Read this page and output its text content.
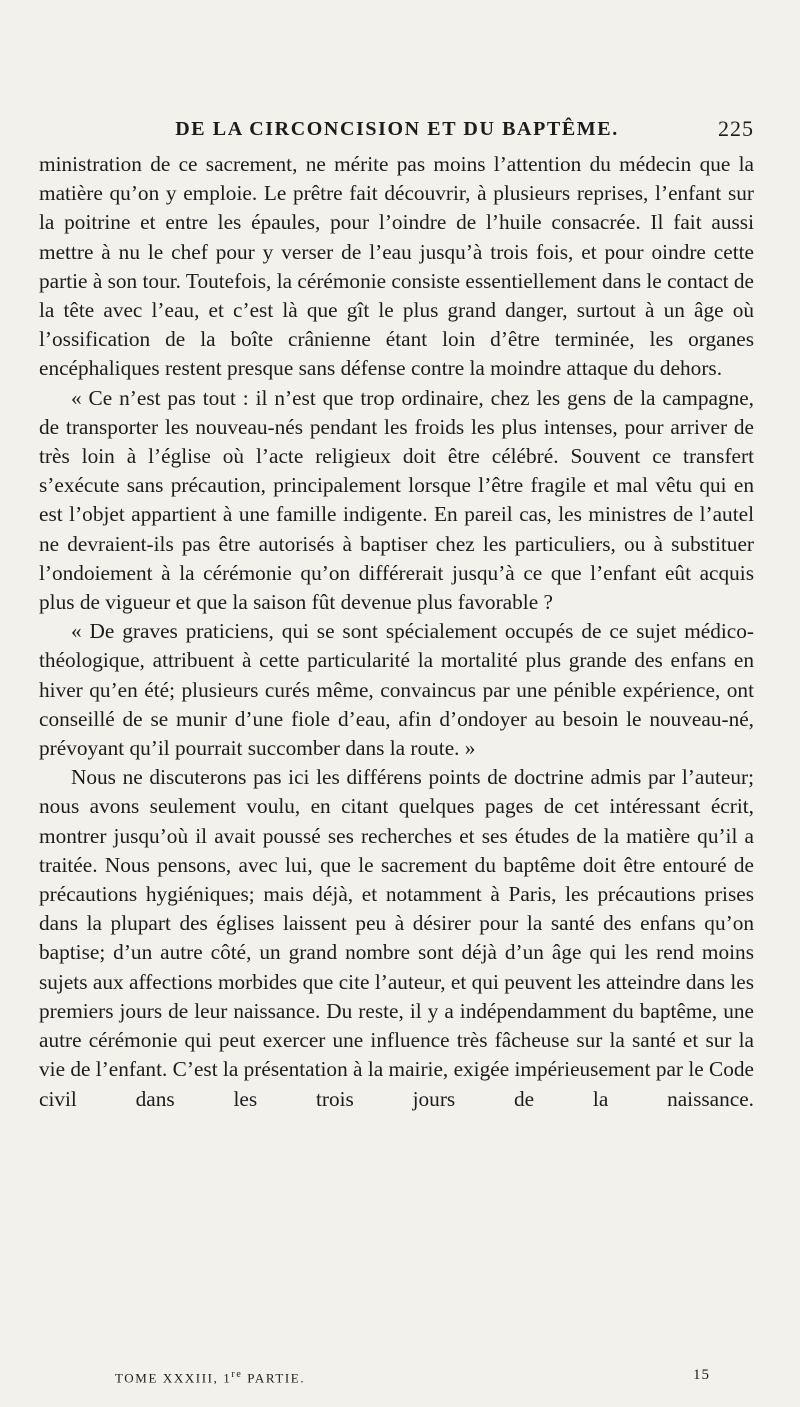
DE LA CIRCONCISION ET DU BAPTÊME.	225

ministration de ce sacrement, ne mérite pas moins l’attention du médecin que la matière qu’on y emploie. Le prêtre fait découvrir, à plusieurs reprises, l’enfant sur la poitrine et entre les épaules, pour l’oindre de l’huile consacrée. Il fait aussi mettre à nu le chef pour y verser de l’eau jusqu’à trois fois, et pour oindre cette partie à son tour. Toutefois, la cérémonie consiste essentiellement dans le contact de la tête avec l’eau, et c’est là que gît le plus grand danger, surtout à un âge où l’ossification de la boîte crânienne étant loin d’être terminée, les organes encéphaliques restent presque sans défense contre la moindre attaque du dehors.

« Ce n’est pas tout : il n’est que trop ordinaire, chez les gens de la campagne, de transporter les nouveau-nés pendant les froids les plus intenses, pour arriver de très loin à l’église où l’acte religieux doit être célébré. Souvent ce transfert s’exécute sans précaution, principalement lorsque l’être fragile et mal vêtu qui en est l’objet appartient à une famille indigente. En pareil cas, les ministres de l’autel ne devraient-ils pas être autorisés à baptiser chez les particuliers, ou à substituer l’ondoiement à la cérémonie qu’on différerait jusqu’à ce que l’enfant eût acquis plus de vigueur et que la saison fût devenue plus favorable ?

« De graves praticiens, qui se sont spécialement occupés de ce sujet médico-théologique, attribuent à cette particularité la mortalité plus grande des enfans en hiver qu’en été; plusieurs curés même, convaincus par une pénible expérience, ont conseillé de se munir d’une fiole d’eau, afin d’ondoyer au besoin le nouveau-né, prévoyant qu’il pourrait succomber dans la route. »

Nous ne discuterons pas ici les différens points de doctrine admis par l’auteur; nous avons seulement voulu, en citant quelques pages de cet intéressant écrit, montrer jusqu’où il avait poussé ses recherches et ses études de la matière qu’il a traitée. Nous pensons, avec lui, que le sacrement du baptême doit être entouré de précautions hygiéniques; mais déjà, et notamment à Paris, les précautions prises dans la plupart des églises laissent peu à désirer pour la santé des enfans qu’on baptise; d’un autre côté, un grand nombre sont déjà d’un âge qui les rend moins sujets aux affections morbides que cite l’auteur, et qui peuvent les atteindre dans les premiers jours de leur naissance. Du reste, il y a indépendamment du baptême, une autre cérémonie qui peut exercer une influence très fâcheuse sur la santé et sur la vie de l’enfant. C’est la présentation à la mairie, exigée impérieusement par le Code civil dans les trois jours de la naissance.

TOME XXXIII, 1re PARTIE.	15
